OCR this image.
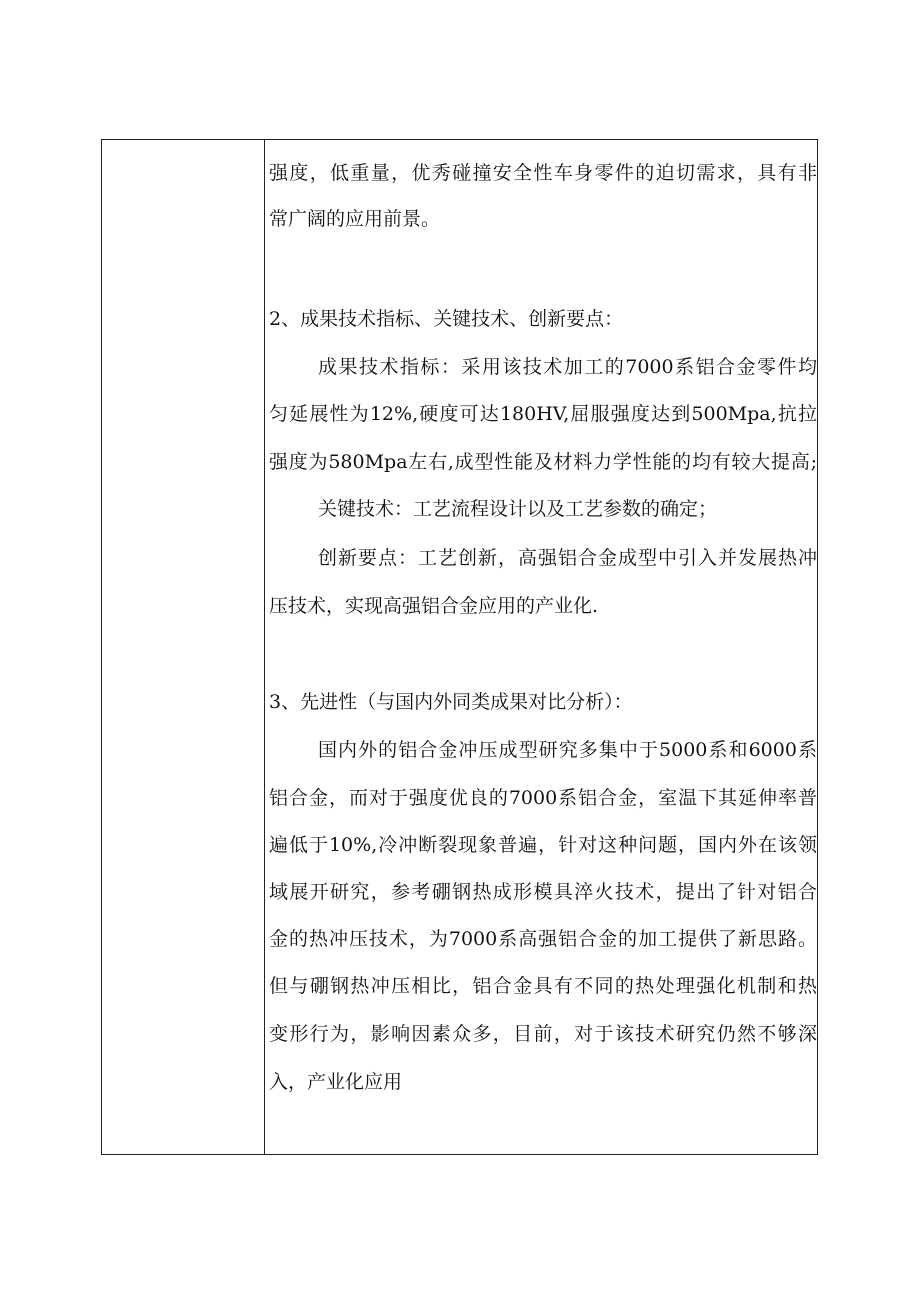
强度，低重量，优秀碰撞安全性车身零件的迫切需求，具有非
常广阔的应用前景。
2、成果技术指标、关键技术、创新要点：
成果技术指标：采用该技术加工的7000系铝合金零件均
匀延展性为12%,硬度可达180HV,屈服强度达到500Mpa,抗拉
强度为580Mpa左右,成型性能及材料力学性能的均有较大提高;
关键技术：工艺流程设计以及工艺参数的确定；
创新要点：工艺创新，高强铝合金成型中引入并发展热冲
压技术，实现高强铝合金应用的产业化.
3、先进性（与国内外同类成果对比分析）：
国内外的铝合金冲压成型研究多集中于5000系和6000系
铝合金，而对于强度优良的7000系铝合金，室温下其延伸率普
遍低于10%,冷冲断裂现象普遍，针对这种问题，国内外在该领
域展开研究，参考硼钢热成形模具淬火技术，提出了针对铝合
金的热冲压技术，为7000系高强铝合金的加工提供了新思路。
但与硼钢热冲压相比，铝合金具有不同的热处理强化机制和热
变形行为，影响因素众多，目前，对于该技术研究仍然不够深
入，产业化应用
